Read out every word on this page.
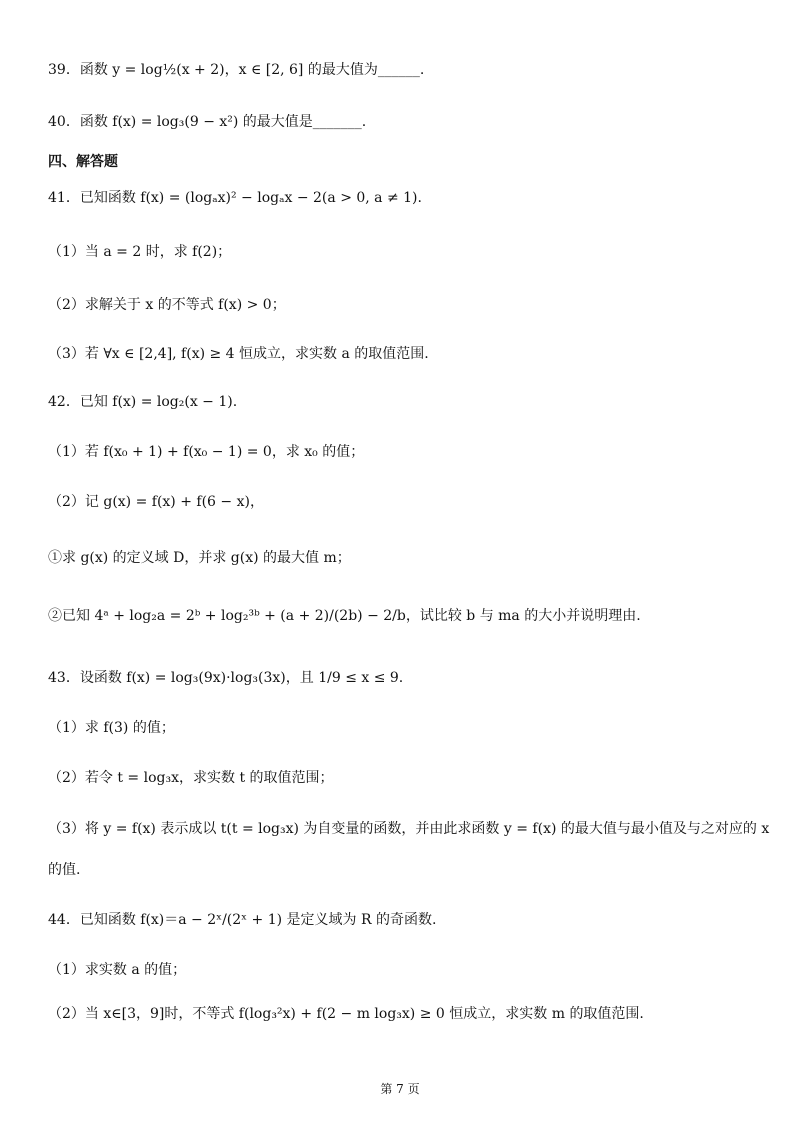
39．函数 y = log½(x + 2)，x ∈ [2, 6] 的最大值为______.
40．函数 f(x) = log₃(9 − x²) 的最大值是_______.
四、解答题
41．已知函数 f(x) = (logₐx)² − logₐx − 2(a > 0, a ≠ 1).
（1）当 a = 2 时，求 f(2)；
（2）求解关于 x 的不等式 f(x) > 0；
（3）若 ∀x ∈ [2,4], f(x) ≥ 4 恒成立，求实数 a 的取值范围.
42．已知 f(x) = log₂(x − 1).
（1）若 f(x₀ + 1) + f(x₀ − 1) = 0，求 x₀ 的值；
（2）记 g(x) = f(x) + f(6 − x)，
①求 g(x) 的定义域 D，并求 g(x) 的最大值 m；
②已知 4ᵃ + log₂a = 2ᵇ + log₂³ᵇ + (a + 2)/(2b) − 2/b，试比较 b 与 ma 的大小并说明理由.
43．设函数 f(x) = log₃(9x)·log₃(3x)，且 1/9 ≤ x ≤ 9.
（1）求 f(3) 的值；
（2）若令 t = log₃x，求实数 t 的取值范围；
（3）将 y = f(x) 表示成以 t(t = log₃x) 为自变量的函数，并由此求函数 y = f(x) 的最大值与最小值及与之对应的 x
的值.
44．已知函数 f(x)＝a − 2ˣ/(2ˣ + 1) 是定义域为 R 的奇函数.
（1）求实数 a 的值；
（2）当 x∈[3，9]时，不等式 f(log₃²x) + f(2 − m log₃x) ≥ 0 恒成立，求实数 m 的取值范围.
第 7 页
